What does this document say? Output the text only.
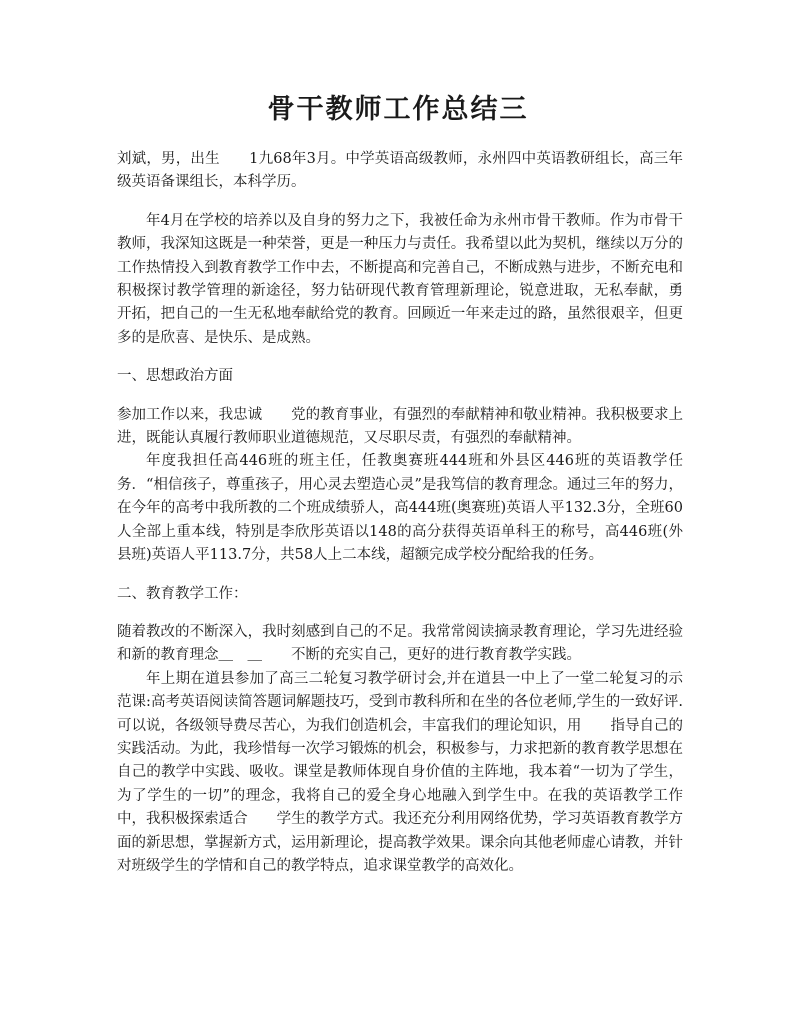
骨干教师工作总结三

刘斌，男，出生　　1九68年3月。中学英语高级教师，永州四中英语教研组长，高三年级英语备课组长，本科学历。

年4月在学校的培养以及自身的努力之下，我被任命为永州市骨干教师。作为市骨干教师，我深知这既是一种荣誉，更是一种压力与责任。我希望以此为契机，继续以万分的工作热情投入到教育教学工作中去，不断提高和完善自己，不断成熟与进步，不断充电和积极探讨教学管理的新途径，努力钻研现代教育管理新理论，锐意进取，无私奉献，勇　　开拓，把自己的一生无私地奉献给党的教育。回顾近一年来走过的路，虽然很艰辛，但更多的是欣喜、是快乐、是成熟。

一、思想政治方面

参加工作以来，我忠诚　　党的教育事业，有强烈的奉献精神和敬业精神。我积极要求上进，既能认真履行教师职业道德规范，又尽职尽责，有强烈的奉献精神。

年度我担任高446班的班主任，任教奥赛班444班和外县区446班的英语教学任务．“相信孩子，尊重孩子，用心灵去塑造心灵”是我笃信的教育理念。通过三年的努力，在今年的高考中我所教的二个班成绩骄人，高444班(奥赛班)英语人平132.3分，全班60人全部上重本线，特别是李欣彤英语以148的高分获得英语单科王的称号，高446班(外县班)英语人平113.7分，共58人上二本线，超额完成学校分配给我的任务。

二、教育教学工作：

随着教改的不断深入，我时刻感到自己的不足。我常常阅读摘录教育理论，学习先进经验和新的教育理念＿　＿　　不断的充实自己，更好的进行教育教学实践。

年上期在道县参加了高三二轮复习教学研讨会,并在道县一中上了一堂二轮复习的示范课:高考英语阅读简答题词解题技巧，受到市教科所和在坐的各位老师,学生的一致好评.可以说，各级领导费尽苦心，为我们创造机会，丰富我们的理论知识，用　　指导自己的实践活动。为此，我珍惜每一次学习锻炼的机会，积极参与，力求把新的教育教学思想在自己的教学中实践、吸收。课堂是教师体现自身价值的主阵地，我本着“一切为了学生，为了学生的一切”的理念，我将自己的爱全身心地融入到学生中。在我的英语教学工作中，我积极探索适合　　学生的教学方式。我还充分利用网络优势，学习英语教育教学方面的新思想，掌握新方式，运用新理论，提高教学效果。课余向其他老师虚心请教，并针对班级学生的学情和自己的教学特点，追求课堂教学的高效化。
